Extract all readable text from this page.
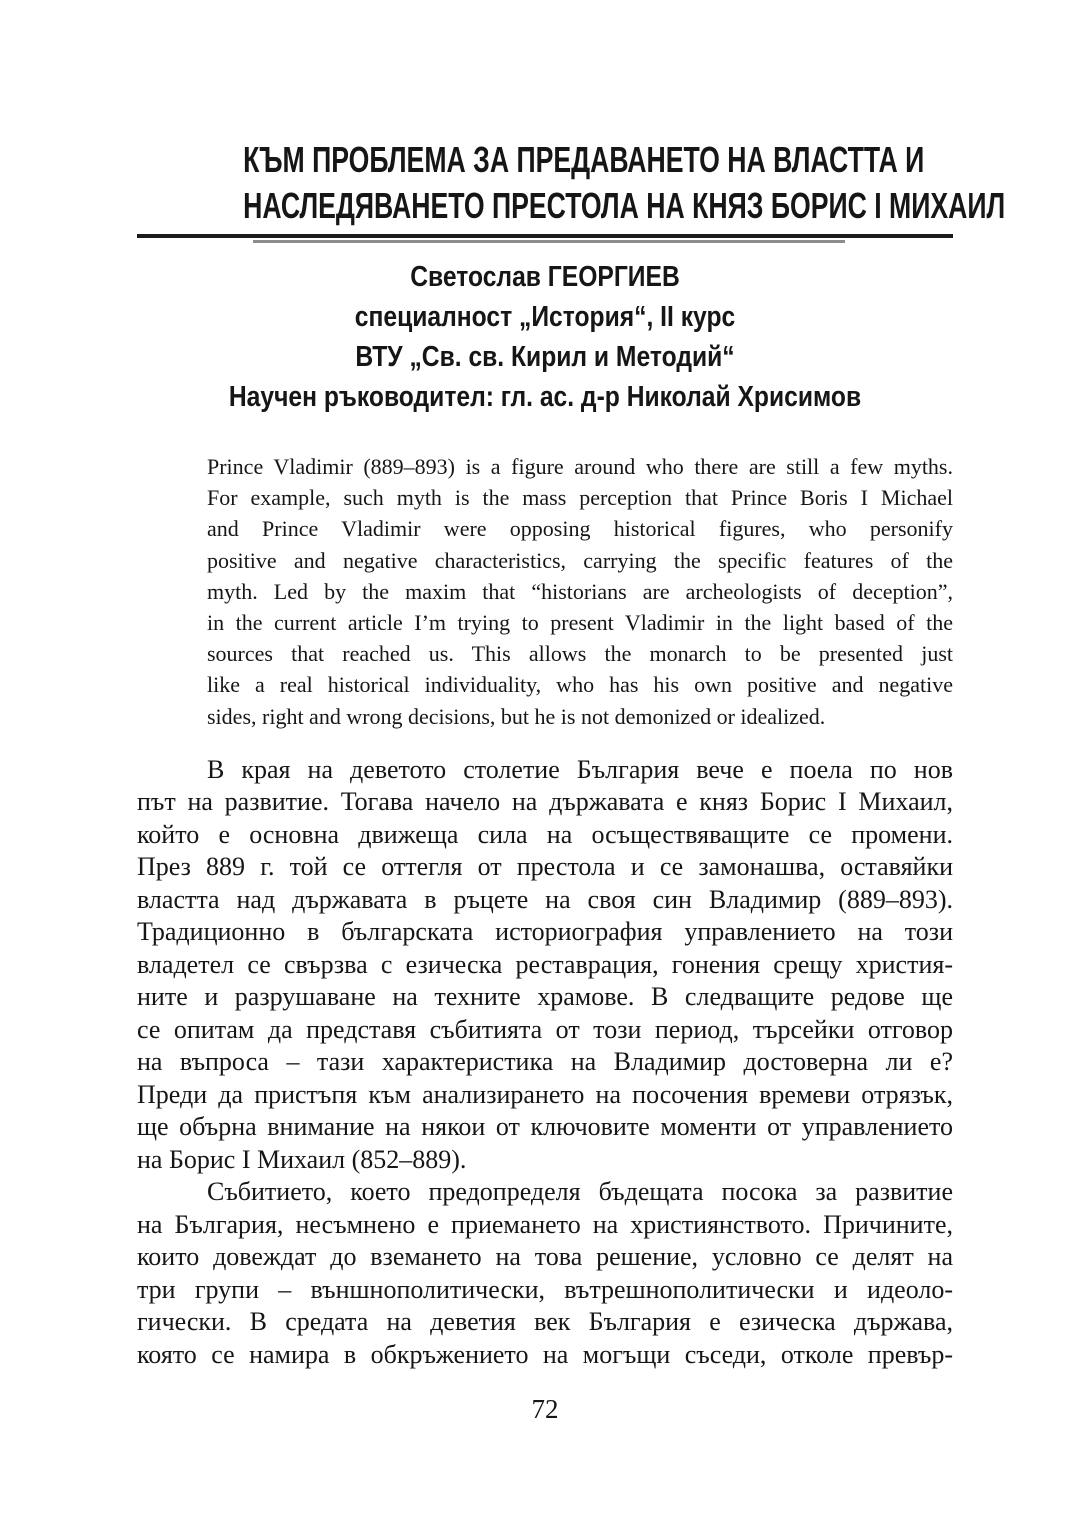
КЪМ ПРОБЛЕМА ЗА ПРЕДАВАНЕТО НА ВЛАСТТА И
НАСЛЕДЯВАНЕТО ПРЕСТОЛА НА КНЯЗ БОРИС I МИХАИЛ
Светослав ГЕОРГИЕВ
специалност „История“, II курс
ВТУ „Св. св. Кирил и Методий“
Научен ръководител: гл. ас. д-р Николай Хрисимов
Prince Vladimir (889–893) is a figure around who there are still a few myths.
For example, such myth is the mass perception that Prince Boris I Michael
and Prince Vladimir were opposing historical figures, who personify
positive and negative characteristics, carrying the specific features of the
myth. Led by the maxim that “historians are archeologists of deception”,
in the current article I’m trying to present Vladimir in the light based of the
sources that reached us. This allows the monarch to be presented just
like a real historical individuality, who has his own positive and negative
sides, right and wrong decisions, but he is not demonized or idealized.
В края на деветото столетие България вече е поела по нов
път на развитие. Тогава начело на държавата е княз Борис I Михаил,
който е основна движеща сила на осъществяващите се промени.
През 889 г. той се оттегля от престола и се замонашва, оставяйки
властта над държавата в ръцете на своя син Владимир (889–893).
Традиционно в българската историография управлението на този
владетел се свързва с езическа реставрация, гонения срещу христия-
ните и разрушаване на техните храмове. В следващите редове ще
се опитам да представя събитията от този период, търсейки отговор
на въпроса – тази характеристика на Владимир достоверна ли е?
Преди да пристъпя към анализирането на посочения времеви отрязък,
ще обърна внимание на някои от ключовите моменти от управлението
на Борис I Михаил (852–889).
Събитието, което предопределя бъдещата посока за развитие
на България, несъмнено е приемането на християнството. Причините,
които довеждат до вземането на това решение, условно се делят на
три групи – външнополитически, вътрешнополитически и идеоло-
гически. В средата на деветия век България е езическа държава,
която се намира в обкръжението на могъщи съседи, отколе превър-
72
